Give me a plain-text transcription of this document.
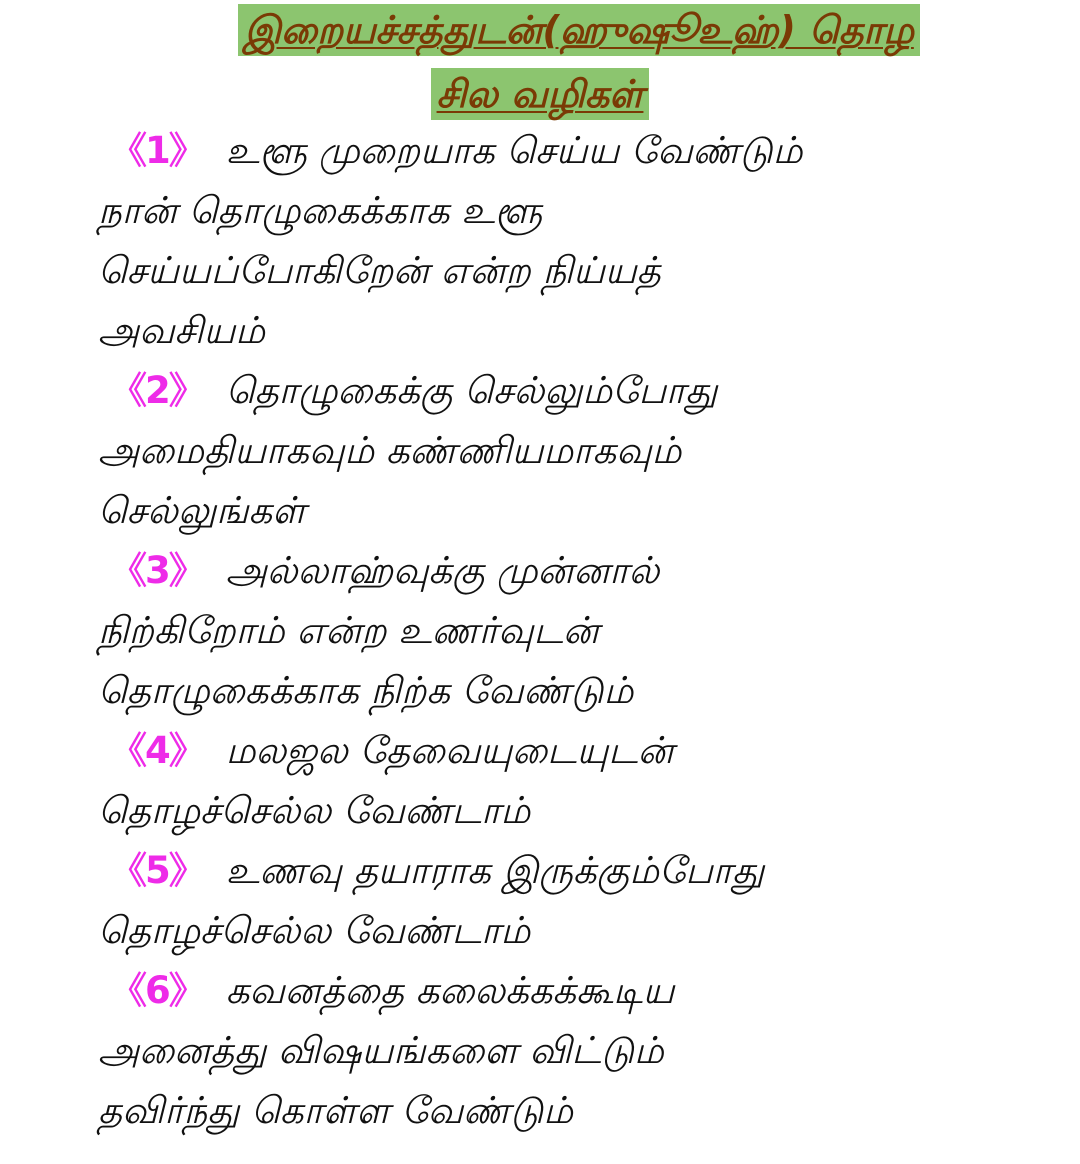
இறையச்சத்துடன்(ஹுஷூஉஹ்) தொழ
சில வழிகள்
《1》 உளூ முறையாக செய்ய வேண்டும்
நான் தொழுகைக்காக உளூ
செய்யப்போகிறேன் என்ற நிய்யத்
அவசியம்
《2》 தொழுகைக்கு செல்லும்போது
அமைதியாகவும் கண்ணியமாகவும்
செல்லுங்கள்
《3》 அல்லாஹ்வுக்கு முன்னால்
நிற்கிறோம் என்ற உணர்வுடன்
தொழுகைக்காக நிற்க வேண்டும்
《4》 மலஜல தேவையுடையுடன்
தொழச்செல்ல வேண்டாம்
《5》 உணவு தயாராக இருக்கும்போது
தொழச்செல்ல வேண்டாம்
《6》 கவனத்தை கலைக்கக்கூடிய
அனைத்து விஷயங்களை விட்டும்
தவிர்ந்து கொள்ள வேண்டும்
